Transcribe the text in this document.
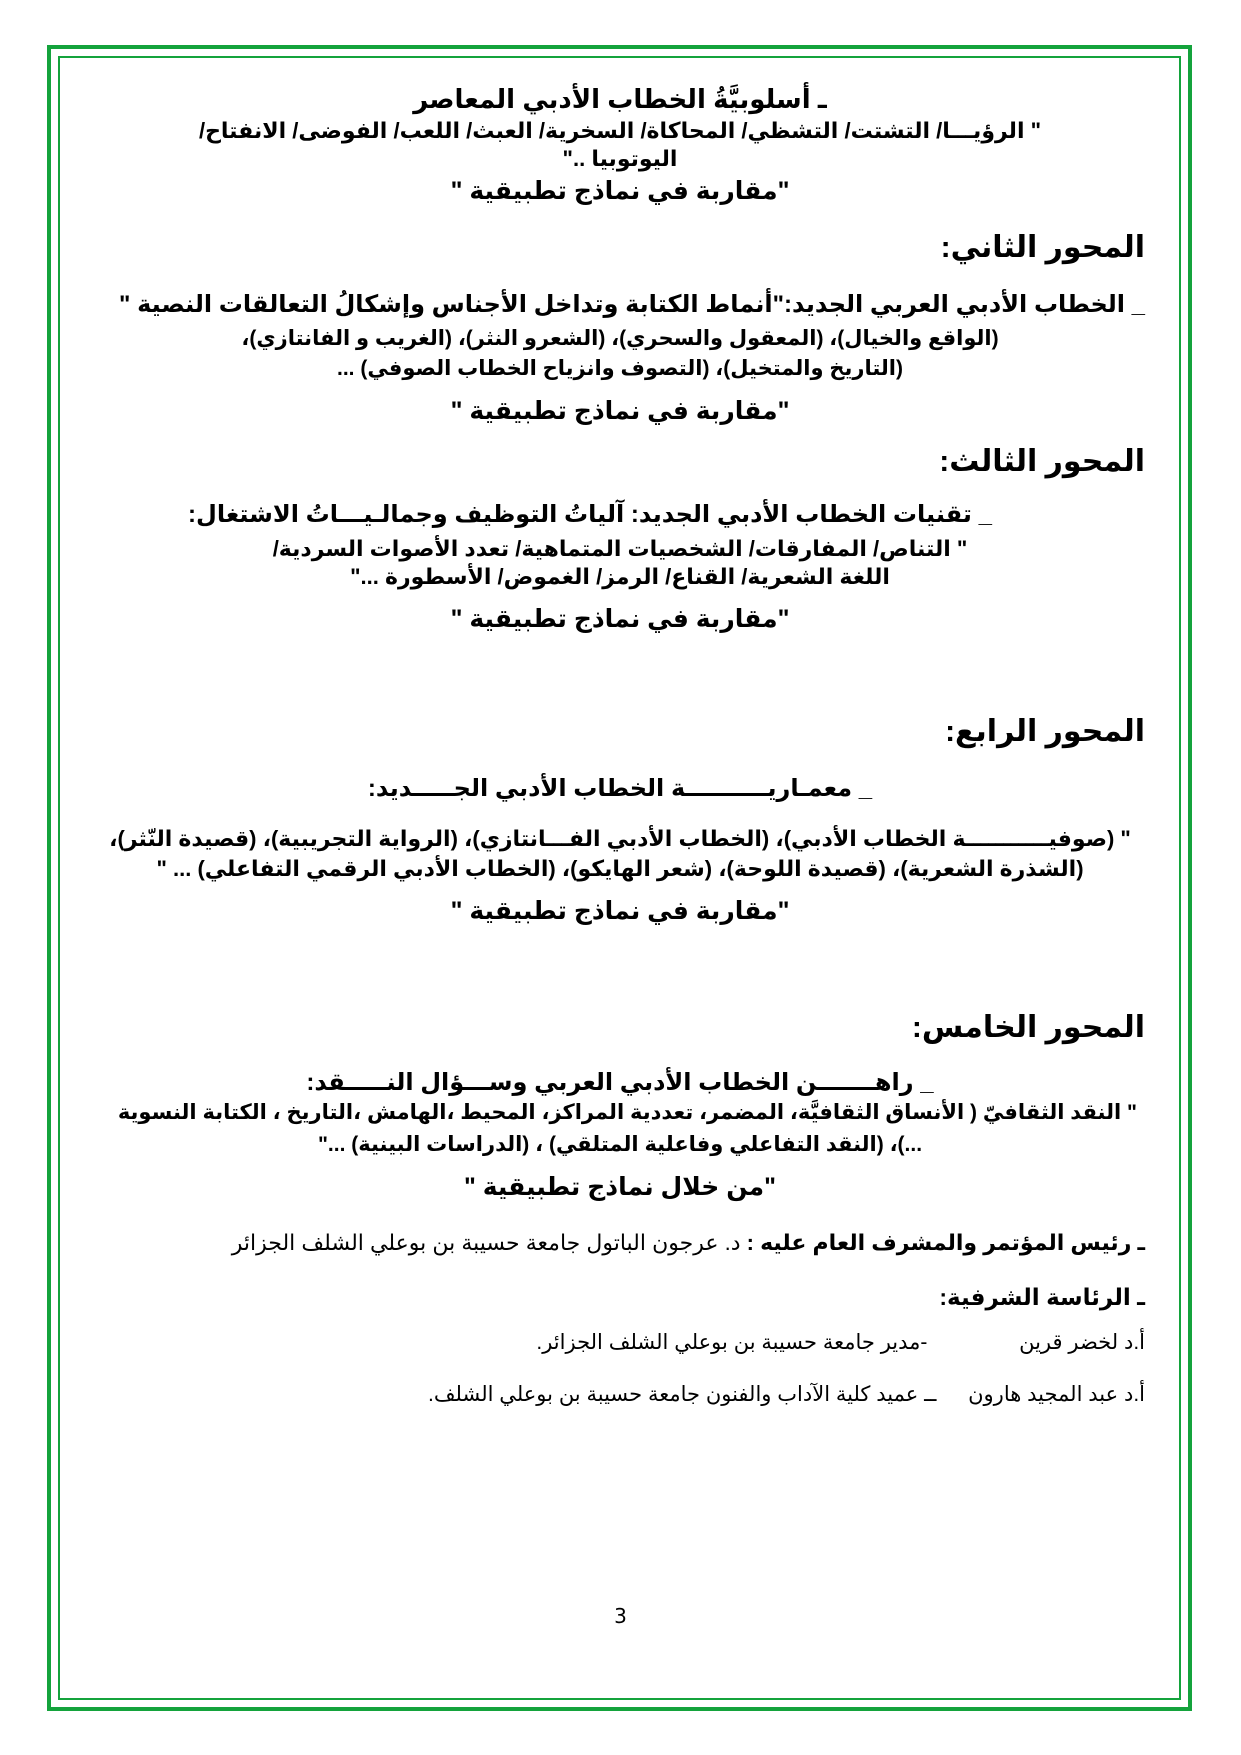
ـ أسلوبيَّةُ الخطاب الأدبي المعاصر
" الرؤيـــا/ التشتت/ التشظي/ المحاكاة/ السخرية/ العبث/ اللعب/ الفوضى/ الانفتاح/
اليوتوبيا .."
"مقاربة في نماذج تطبيقية "
المحور الثاني:
_ الخطاب الأدبي العربي الجديد:"أنماط الكتابة وتداخل الأجناس وإشكالُ التعالقات النصية "
(الواقع والخيال)، (المعقول والسحري)، (الشعرو النثر)، (الغريب و الفانتازي)،
(التاريخ والمتخيل)، (التصوف وانزياح الخطاب الصوفي) ...
"مقاربة في نماذج تطبيقية "
المحور الثالث:
_ تقنيات الخطاب الأدبي الجديد: آلياتُ التوظيف وجمالـيـــاتُ الاشتغال:
" التناص/ المفارقات/ الشخصيات المتماهية/ تعدد الأصوات السردية/
اللغة الشعرية/ القناع/ الرمز/ الغموض/ الأسطورة ..."
"مقاربة في نماذج تطبيقية "
المحور الرابع:
_ معمـاريــــــــــة الخطاب الأدبي الجـــــديد:
" (صوفيـــــــــــة الخطاب الأدبي)، (الخطاب الأدبي الفـــانتازي)، (الرواية التجريبية)، (قصيدة النّثر)،
(الشذرة الشعرية)، (قصيدة اللوحة)، (شعر الهايكو)، (الخطاب الأدبي الرقمي التفاعلي) ... "
"مقاربة في نماذج تطبيقية "
المحور الخامس:
_ راهـــــــن الخطاب الأدبي العربي وســـؤال النـــــقد:
" النقد الثقافيّ ( الأنساق الثقافيَّة، المضمر، تعددية المراكز، المحيط ،الهامش ،التاريخ ، الكتابة النسوية
...)، (النقد التفاعلي وفاعلية المتلقي) ، (الدراسات البينية) ..."
"من خلال نماذج تطبيقية "
ـ رئيس المؤتمر والمشرف العام عليه : د. عرجون الباتول جامعة حسيبة بن بوعلي الشلف الجزائر
ـ الرئاسة الشرفية:
أ.د لخضر قرين  -مدير جامعة حسيبة بن بوعلي الشلف الجزائر.
أ.د عبد المجيد هارون  ــ عميد كلية الآداب والفنون جامعة حسيبة بن بوعلي الشلف.
3
